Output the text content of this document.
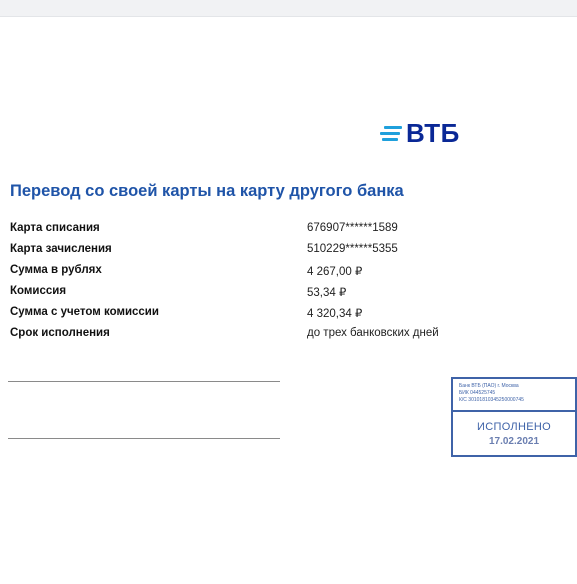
ВТБ
Перевод со своей карты на карту другого банка
Карта списания	676907******1589
Карта зачисления	510229******5355
Сумма в рублях	4 267,00 ₽
Комиссия	53,34 ₽
Сумма с учетом комиссии	4 320,34 ₽
Срок исполнения	до трех банковских дней
Банк ВТБ (ПАО) г. Москва
БИК 044525745
К/С 30101810345250000745
ИСПОЛНЕНО
17.02.2021
